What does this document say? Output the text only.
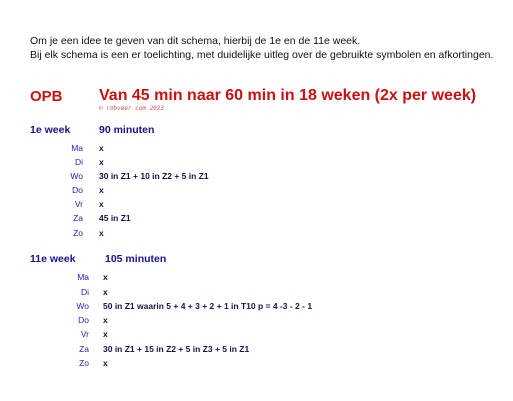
Om je een idee te geven van dit schema, hierbij de 1e en de 11e week.
Bij elk schema is een er toelichting, met duidelijke uitleg over de gebruikte symbolen en afkortingen.
OPB Van 45 min naar 60 min in 18 weken (2x per week)
© robveer.com 2023
1e week	90 minuten
Ma x
Di x
Wo 30 in Z1 + 10 in Z2 + 5 in Z1
Do x
Vr x
Za 45 in Z1
Zo x
11e week	105 minuten
Ma x
Di x
Wo 50 in Z1 waarin 5 + 4 + 3 + 2 + 1 in T10 p = 4 -3 - 2 - 1
Do x
Vr x
Za 30 in Z1 + 15 in Z2 + 5 in Z3 + 5 in Z1
Zo x
